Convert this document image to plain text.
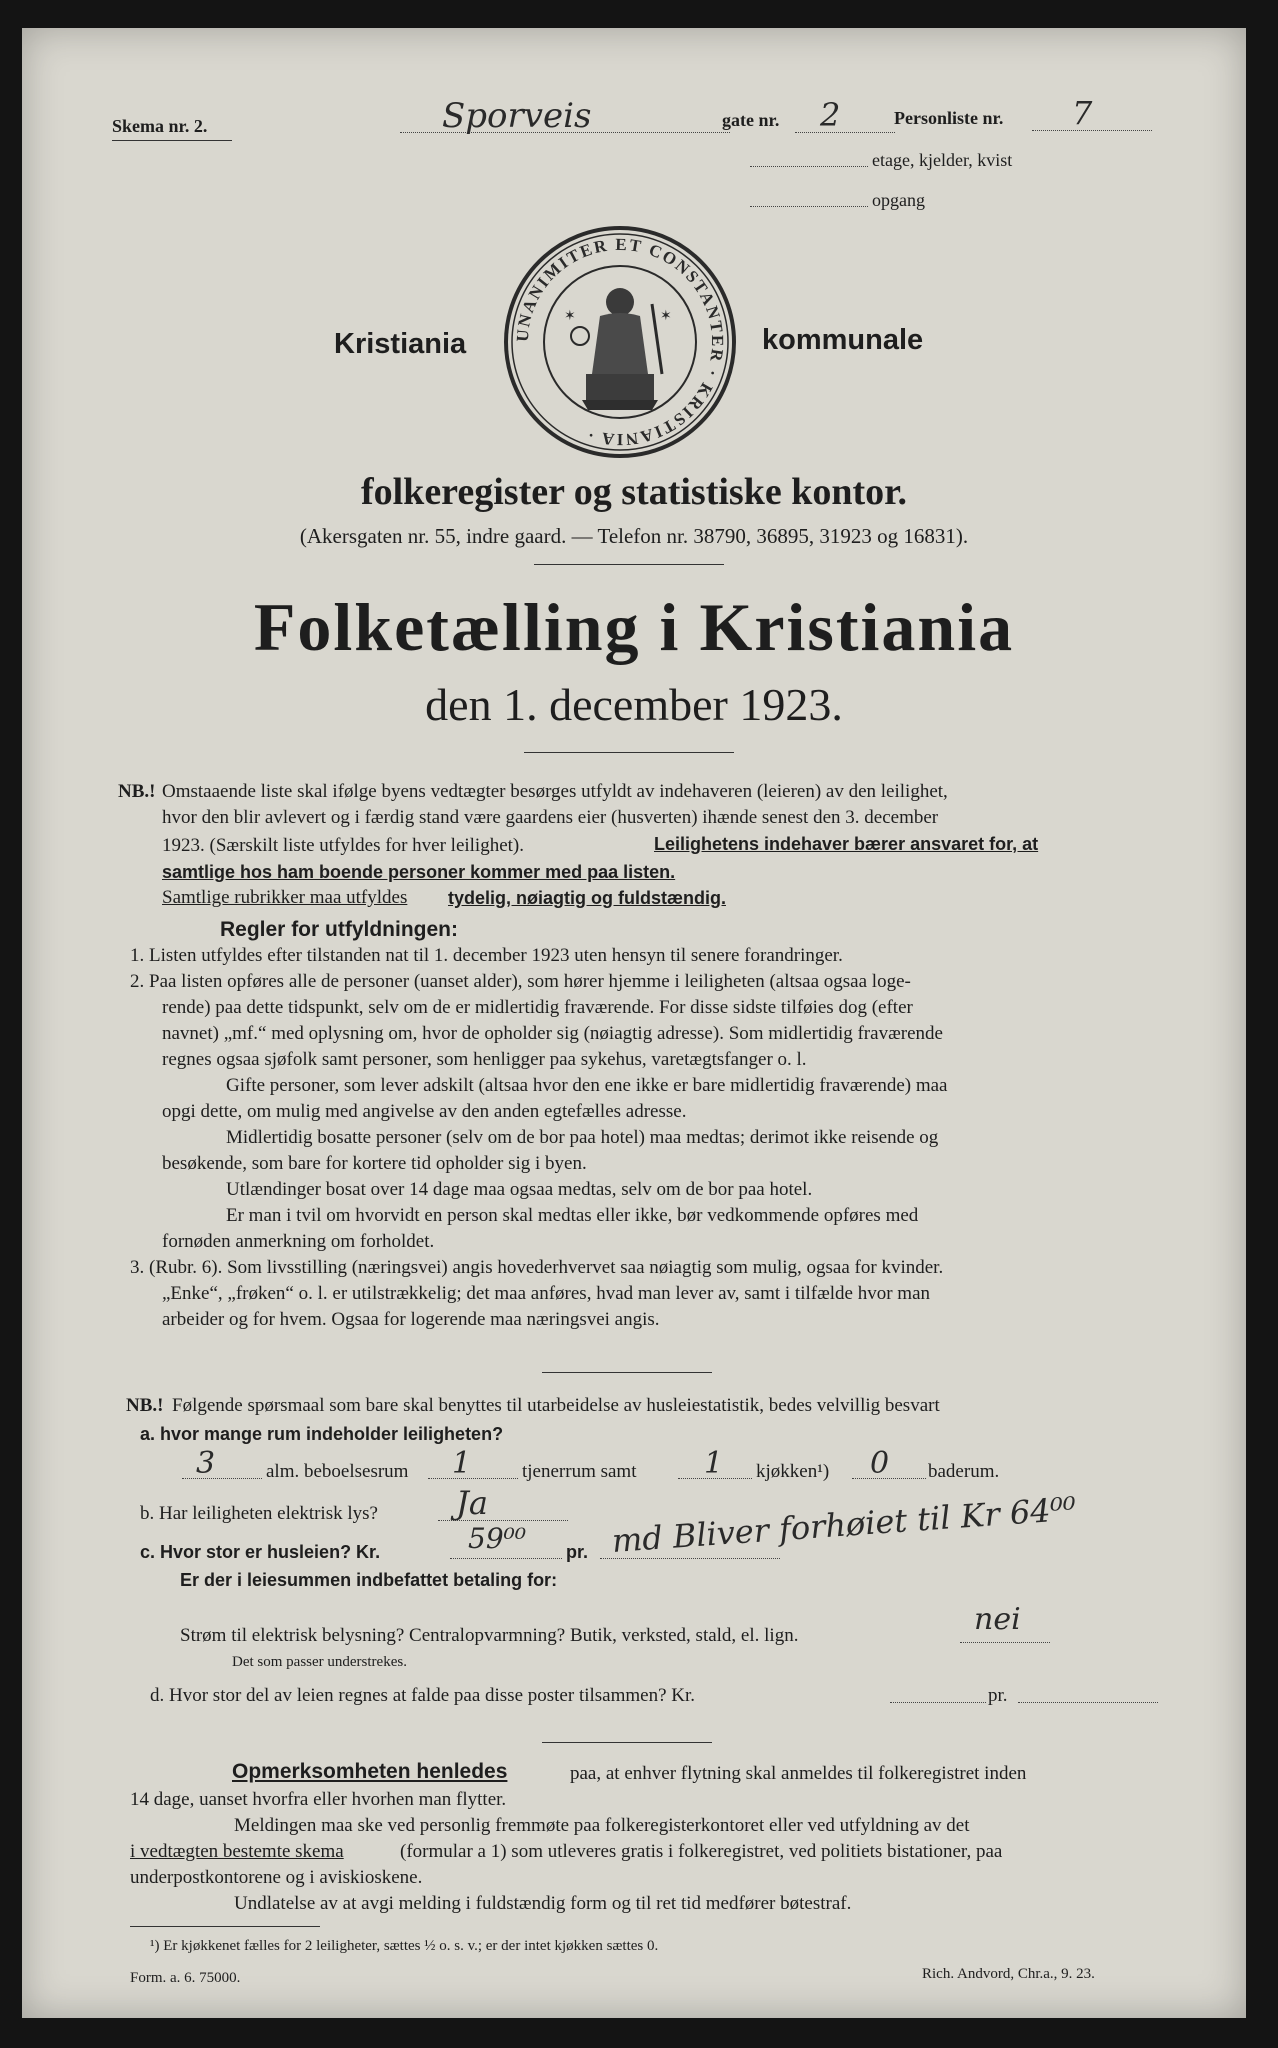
Skema nr. 2.	Sporveis	gate nr. 2	Personliste nr. 7
etage, kjelder, kvist
opgang
Kristiania	kommunale
UNANIMITER ET CONSTANTER · KRISTIANIA ·
✶	✶
folkeregister og statistiske kontor.
(Akersgaten nr. 55, indre gaard. — Telefon nr. 38790, 36895, 31923 og 16831).
Folketælling i Kristiania
den 1. december 1923.
NB.! Omstaaende liste skal ifølge byens vedtægter besørges utfyldt av indehaveren (leieren) av den leilighet,
hvor den blir avlevert og i færdig stand være gaardens eier (husverten) ihænde senest den 3. december
1923. (Særskilt liste utfyldes for hver leilighet).	Leilighetens indehaver bærer ansvaret for, at
samtlige hos ham boende personer kommer med paa listen.
Samtlige rubrikker maa utfyldes tydelig, nøiagtig og fuldstændig.
Regler for utfyldningen:
1. Listen utfyldes efter tilstanden nat til 1. december 1923 uten hensyn til senere forandringer.
2. Paa listen opføres alle de personer (uanset alder), som hører hjemme i leiligheten (altsaa ogsaa loge-
rende) paa dette tidspunkt, selv om de er midlertidig fraværende. For disse sidste tilføies dog (efter
navnet) „mf.“ med oplysning om, hvor de opholder sig (nøiagtig adresse). Som midlertidig fraværende
regnes ogsaa sjøfolk samt personer, som henligger paa sykehus, varetægtsfanger o. l.
Gifte personer, som lever adskilt (altsaa hvor den ene ikke er bare midlertidig fraværende) maa
opgi dette, om mulig med angivelse av den anden egtefælles adresse.
Midlertidig bosatte personer (selv om de bor paa hotel) maa medtas; derimot ikke reisende og
besøkende, som bare for kortere tid opholder sig i byen.
Utlændinger bosat over 14 dage maa ogsaa medtas, selv om de bor paa hotel.
Er man i tvil om hvorvidt en person skal medtas eller ikke, bør vedkommende opføres med
fornøden anmerkning om forholdet.
3. (Rubr. 6). Som livsstilling (næringsvei) angis hovederhvervet saa nøiagtig som mulig, ogsaa for kvinder.
„Enke“, „frøken“ o. l. er utilstrækkelig; det maa anføres, hvad man lever av, samt i tilfælde hvor man
arbeider og for hvem. Ogsaa for logerende maa næringsvei angis.
NB.! Følgende spørsmaal som bare skal benyttes til utarbeidelse av husleiestatistik, bedes velvillig besvart
a. hvor mange rum indeholder leiligheten?
3	alm. beboelsesrum 1	tjenerrum samt 1 kjøkken¹) 0 baderum.
b. Har leiligheten elektrisk lys? Ja
c. Hvor stor er husleien? Kr.	59⁰⁰ pr. md Bliver forhøiet til Kr 64⁰⁰
Er der i leiesummen indbefattet betaling for:
Strøm til elektrisk belysning? Centralopvarmning? Butik, verksted, stald, el. lign.	nei
Det som passer understrekes.
d. Hvor stor del av leien regnes at falde paa disse poster tilsammen? Kr.	pr.
Opmerksomheten henledes	paa, at enhver flytning skal anmeldes til folkeregistret inden
14 dage, uanset hvorfra eller hvorhen man flytter.
Meldingen maa ske ved personlig fremmøte paa folkeregisterkontoret eller ved utfyldning av det
i vedtægten bestemte skema	(formular a 1) som utleveres gratis i folkeregistret, ved politiets bistationer, paa
underpostkontorene og i aviskioskene.
Undlatelse av at avgi melding i fuldstændig form og til ret tid medfører bøtestraf.
¹) Er kjøkkenet fælles for 2 leiligheter, sættes ½ o. s. v.; er der intet kjøkken sættes 0.
Form. a. 6. 75000.	Rich. Andvord, Chr.a., 9. 23.
